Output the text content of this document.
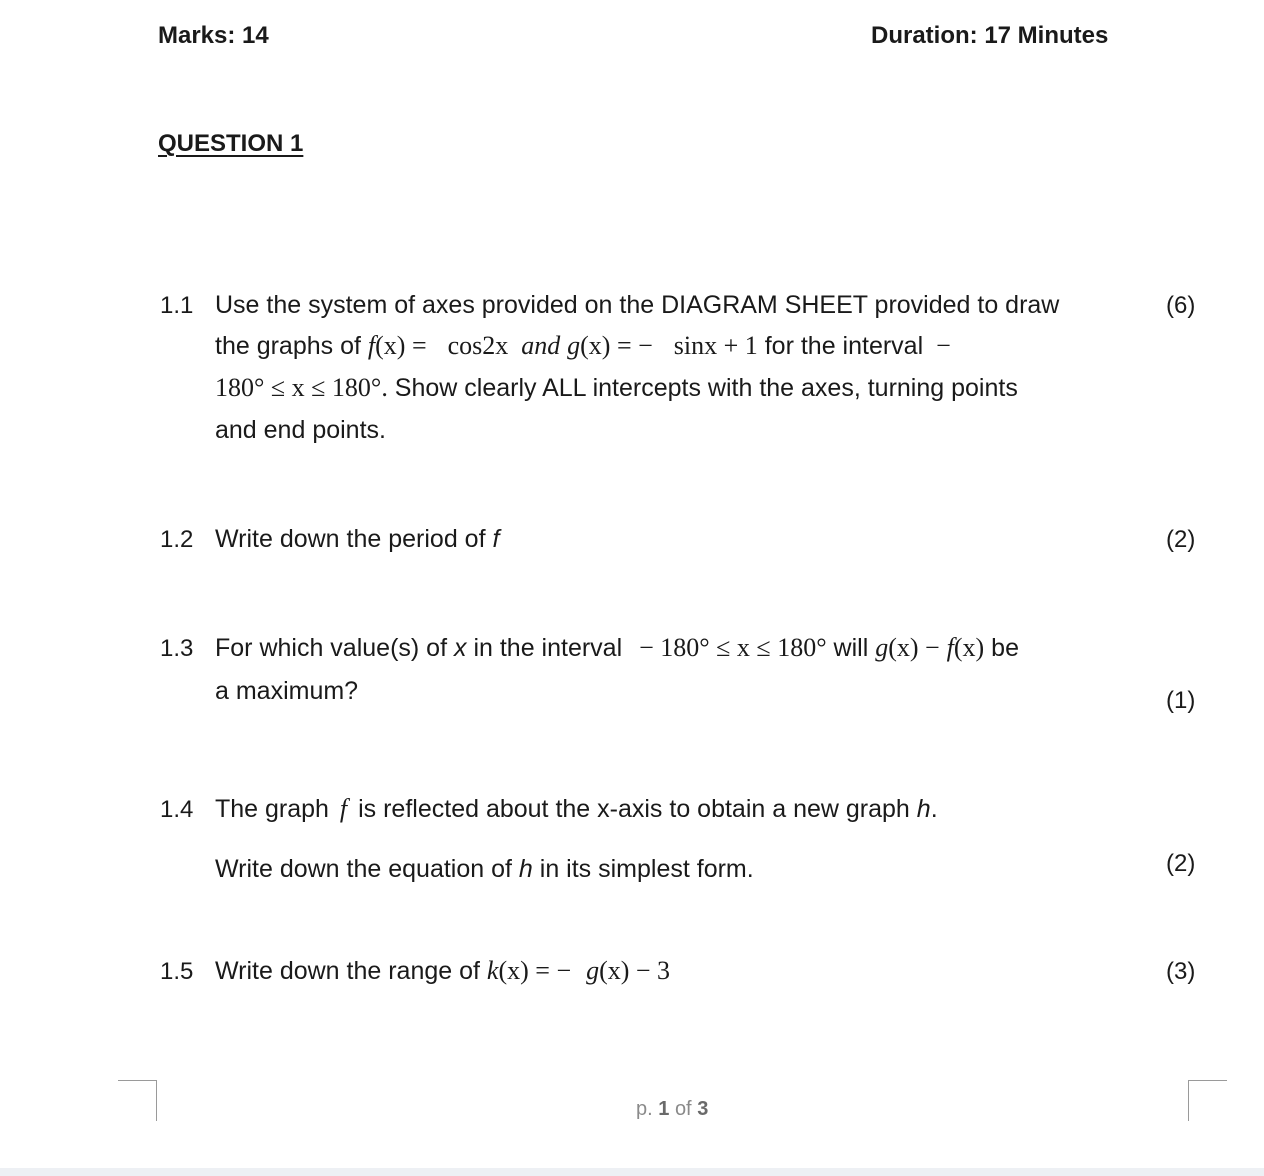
Marks: 14	Duration: 17 Minutes
QUESTION 1
1.1	(6)
Use the system of axes provided on the DIAGRAM SHEET provided to draw
the graphs of f(x) = cos2x and g(x) = − sinx + 1 for the interval −
180° ≤ x ≤ 180°. Show clearly ALL intercepts with the axes, turning points
and end points.
1.2	(2)
Write down the period of f
1.3
(1)
For which value(s) of x in the interval − 180° ≤ x ≤ 180° will g(x) − f(x) be
a maximum?
1.4
(2)
The graph f is reflected about the x-axis to obtain a new graph h.
Write down the equation of h in its simplest form.
1.5	(3)
Write down the range of k(x) = − g(x) − 3
p. 1 of 3
